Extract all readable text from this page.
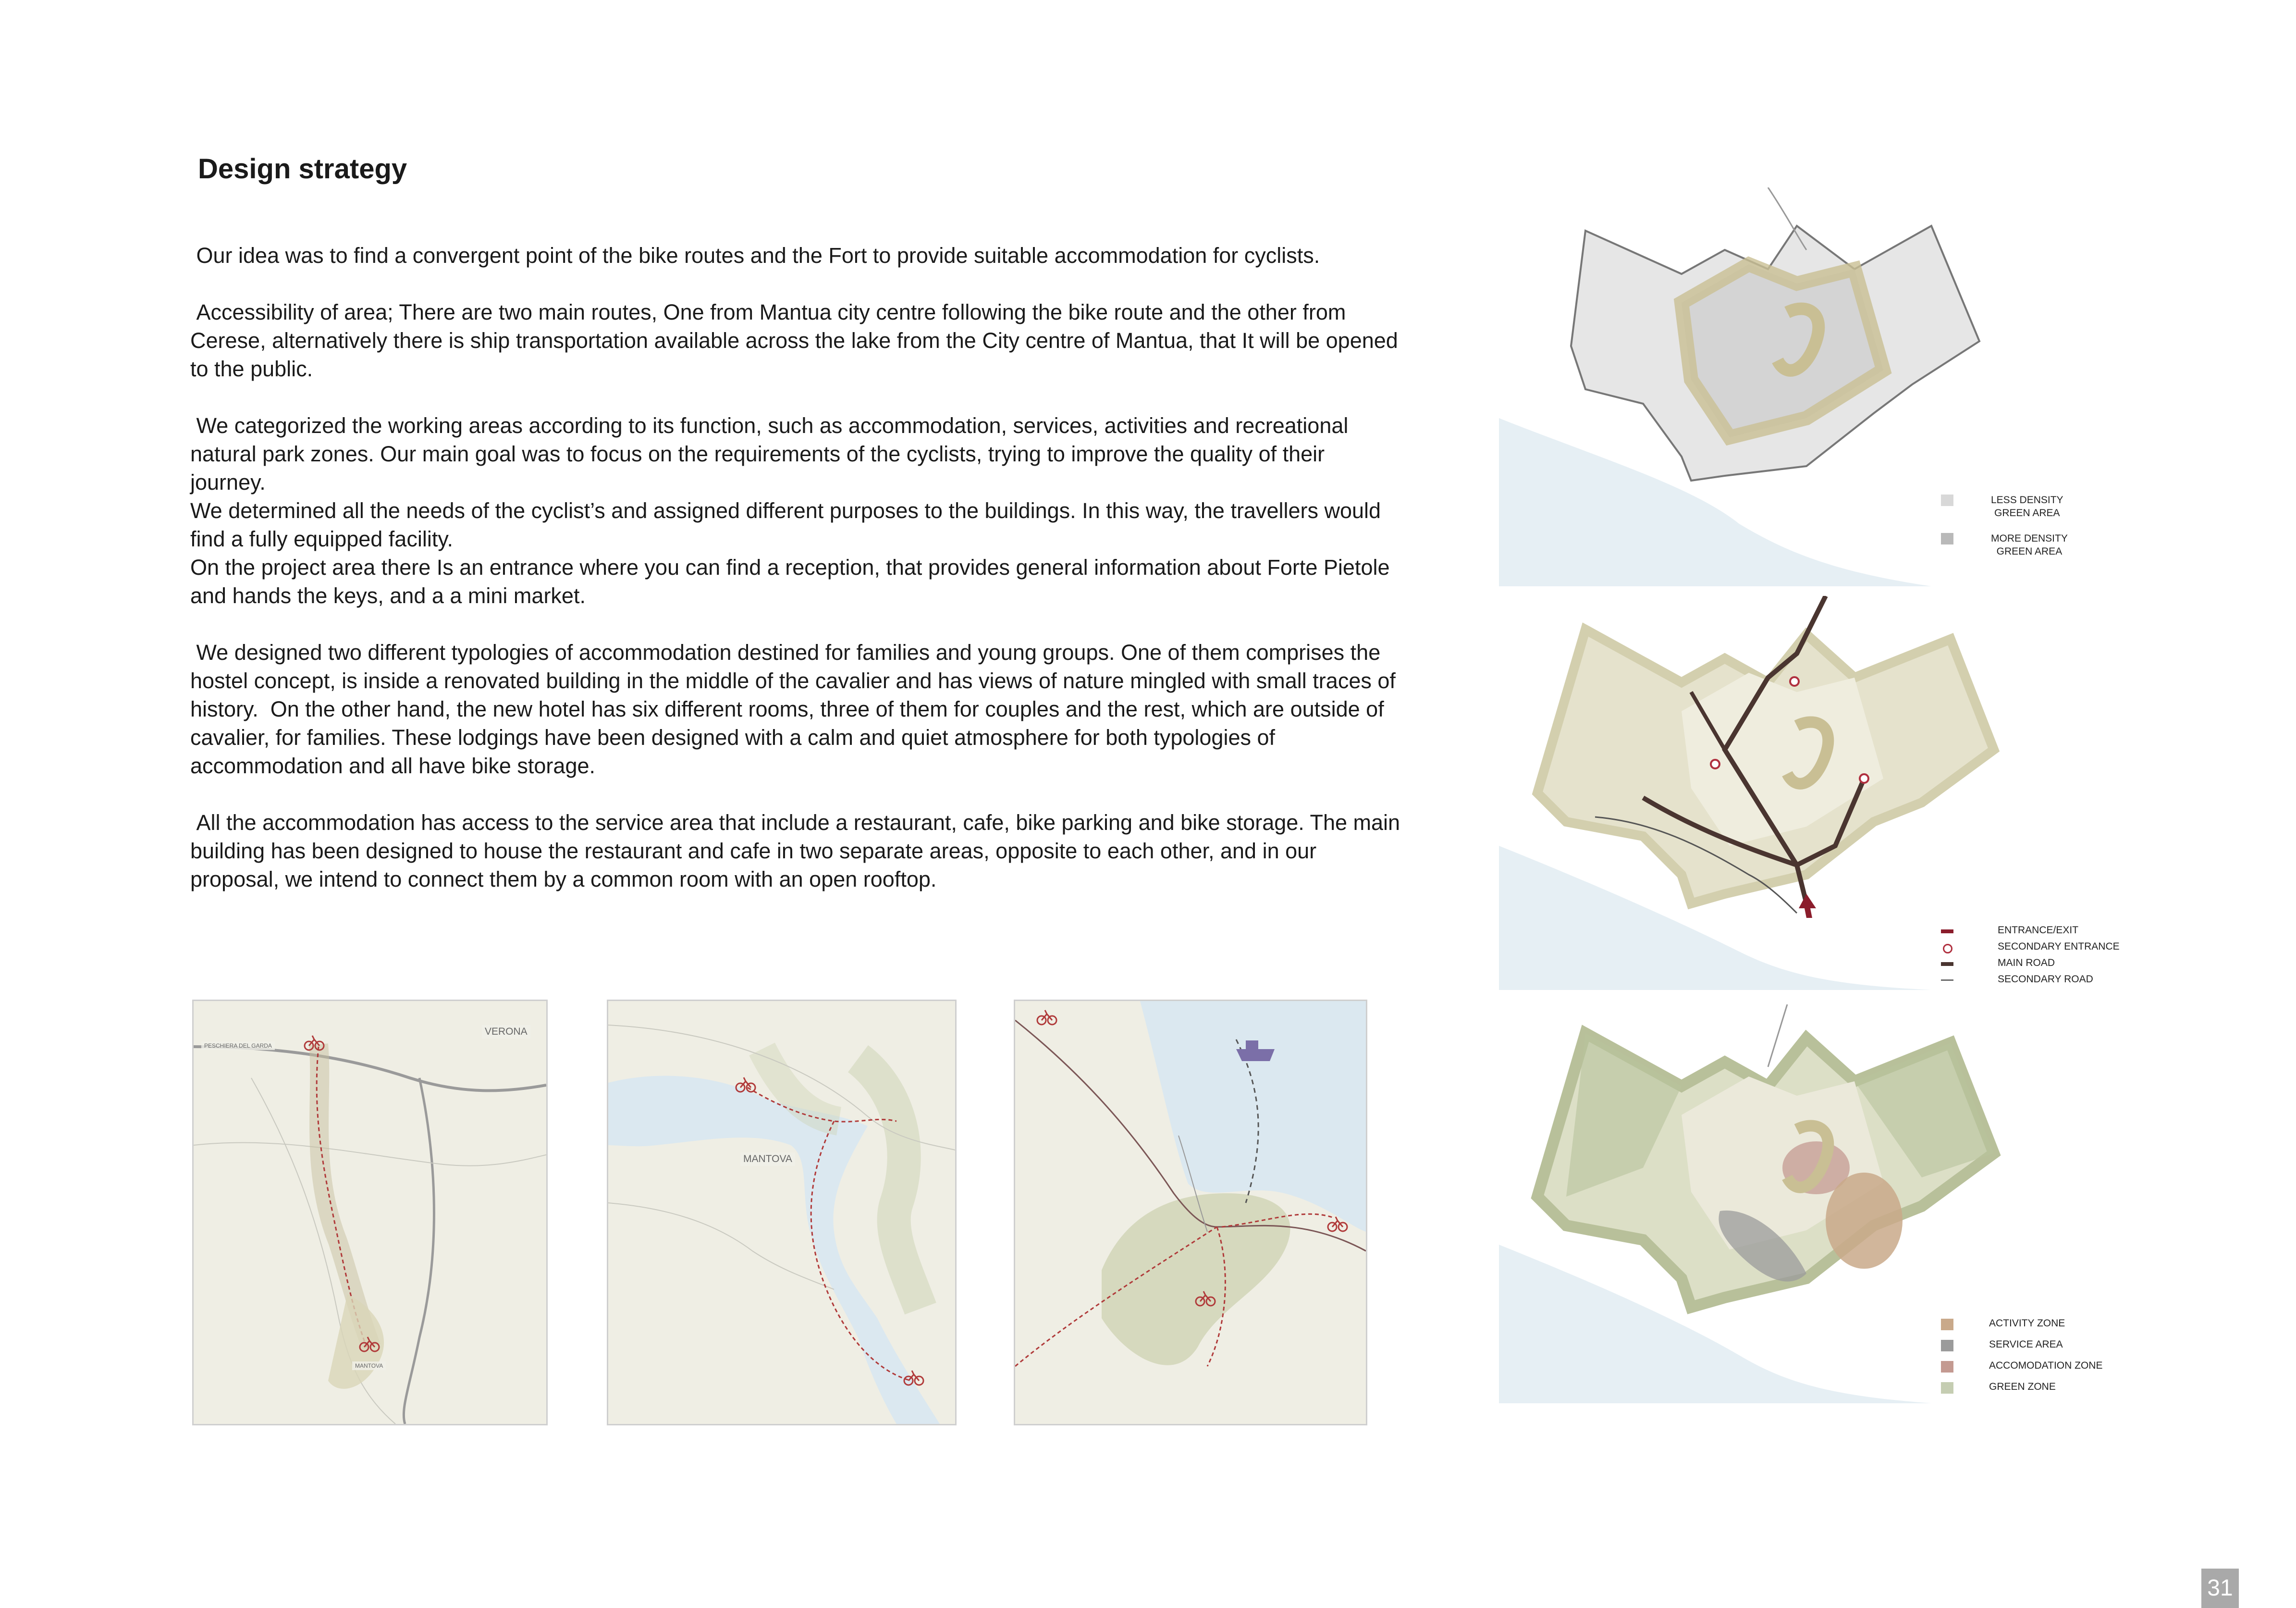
Design strategy

Our idea was to find a convergent point of the bike routes and the Fort to provide suitable accommodation for cyclists.

Accessibility of area; There are two main routes, One from Mantua city centre following the bike route and the other from Cerese, alternatively there is ship transportation available across the lake from the City centre of Mantua, that It will be opened to the public.

We categorized the working areas according to its function, such as accommodation, services, activities and recreational natural park zones. Our main goal was to focus on the requirements of the cyclists, trying to improve the quality of their journey.

We determined all the needs of the cyclist’s and assigned different purposes to the buildings. In this way, the travellers would find a fully equipped facility.

On the project area there Is an entrance where you can find a reception, that provides general information about Forte Pietole and hands the keys, and a a mini market.

We designed two different typologies of accommodation destined for families and young groups. One of them comprises the hostel concept, is inside a renovated building in the middle of the cavalier and has views of nature mingled with small traces of history.  On the other hand, the new hotel has six different rooms, three of them for couples and the rest, which are outside of cavalier, for families. These lodgings have been designed with a calm and quiet atmosphere for both typologies of accommodation and all have bike storage.

All the accommodation has access to the service area that include a restaurant, cafe, bike parking and bike storage. The main building has been designed to house the restaurant and cafe in two separate areas, opposite to each other, and in our proposal, we intend to connect them by a common room with an open rooftop.

PESCHIERA DEL GARDA
VERONA
MANTOVA
MANTOVA
LESS DENSITY
GREEN AREA
MORE DENSITY
GREEN AREA
ENTRANCE/EXIT
SECONDARY ENTRANCE
MAIN ROAD
SECONDARY ROAD
ACTIVITY ZONE
SERVICE AREA
ACCOMODATION ZONE
GREEN ZONE
31
